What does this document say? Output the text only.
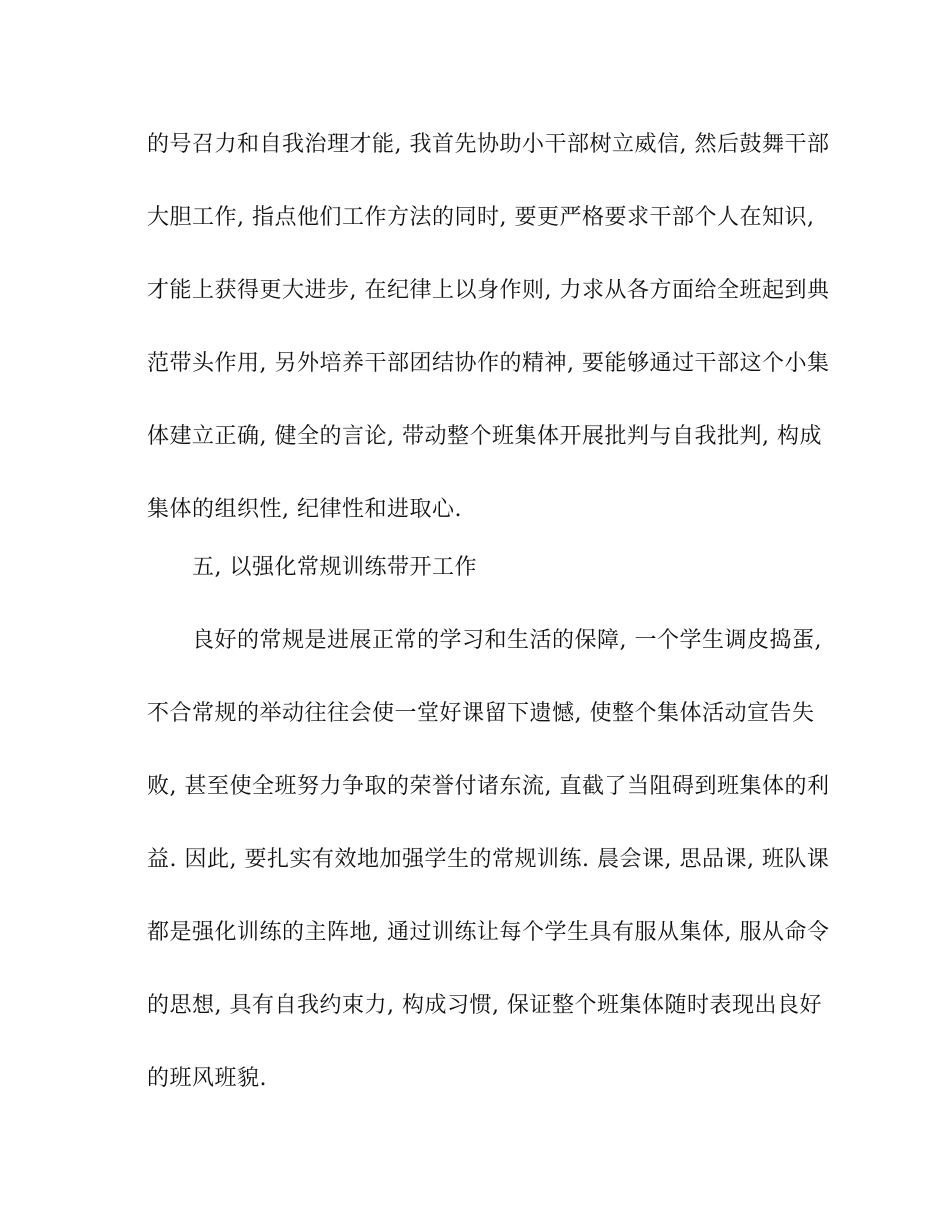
的号召力和自我治理才能, 我首先协助小干部树立威信, 然后鼓舞干部
大胆工作, 指点他们工作方法的同时, 要更严格要求干部个人在知识,
才能上获得更大进步, 在纪律上以身作则, 力求从各方面给全班起到典
范带头作用, 另外培养干部团结协作的精神, 要能够通过干部这个小集
体建立正确, 健全的言论, 带动整个班集体开展批判与自我批判, 构成
集体的组织性, 纪律性和进取心.
五, 以强化常规训练带开工作
良好的常规是进展正常的学习和生活的保障, 一个学生调皮捣蛋,
不合常规的举动往往会使一堂好课留下遗憾, 使整个集体活动宣告失
败, 甚至使全班努力争取的荣誉付诸东流, 直截了当阻碍到班集体的利
益. 因此, 要扎实有效地加强学生的常规训练. 晨会课, 思品课, 班队课
都是强化训练的主阵地, 通过训练让每个学生具有服从集体, 服从命令
的思想, 具有自我约束力, 构成习惯, 保证整个班集体随时表现出良好
的班风班貌.
